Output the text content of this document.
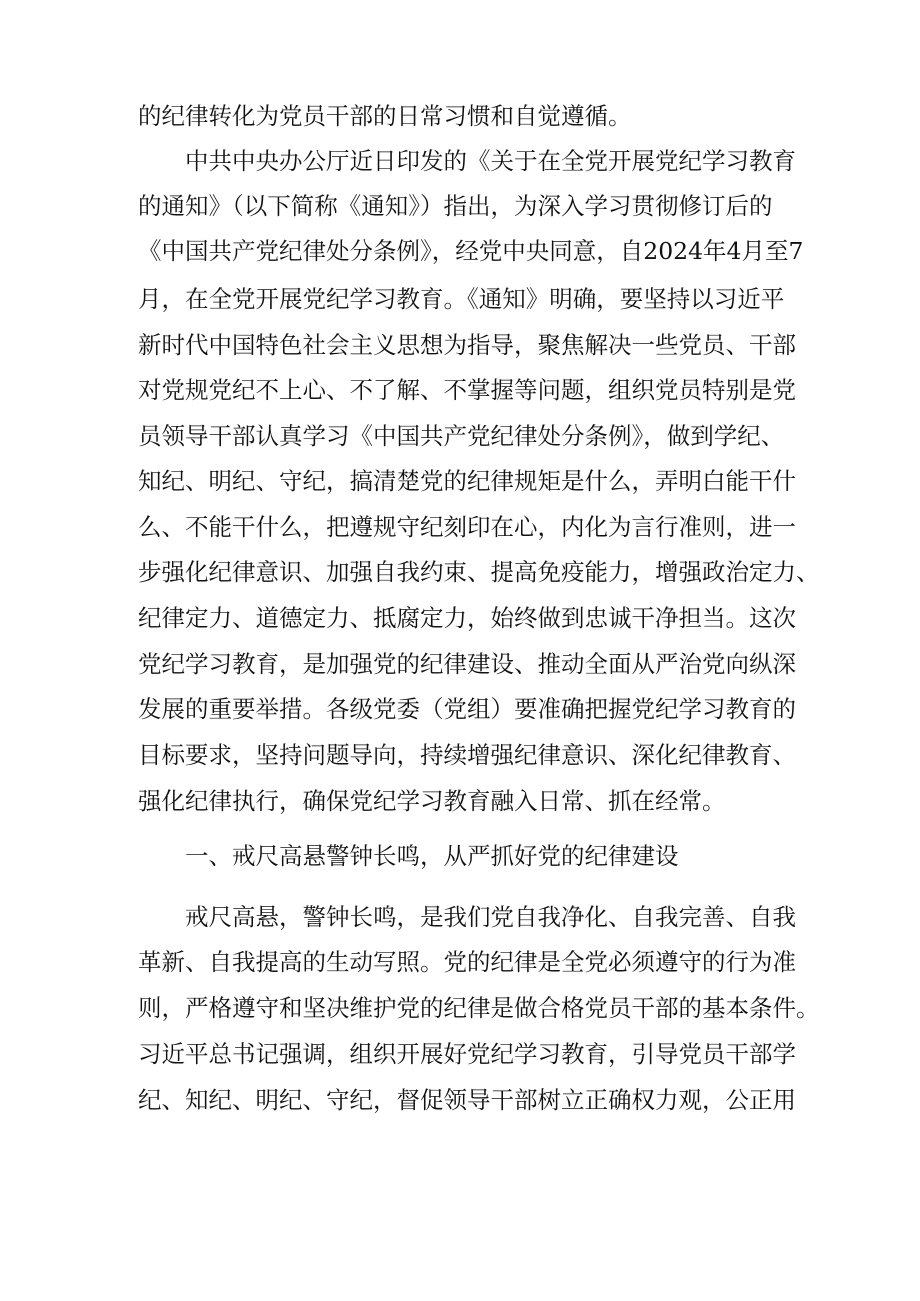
的纪律转化为党员干部的日常习惯和自觉遵循。
中共中央办公厅近日印发的《关于在全党开展党纪学习教育
的通知》（以下简称《通知》）指出，为深入学习贯彻修订后的
《中国共产党纪律处分条例》，经党中央同意，自2024年4月至7
月，在全党开展党纪学习教育。《通知》明确，要坚持以习近平
新时代中国特色社会主义思想为指导，聚焦解决一些党员、干部
对党规党纪不上心、不了解、不掌握等问题，组织党员特别是党
员领导干部认真学习《中国共产党纪律处分条例》，做到学纪、
知纪、明纪、守纪，搞清楚党的纪律规矩是什么，弄明白能干什
么、不能干什么，把遵规守纪刻印在心，内化为言行准则，进一
步强化纪律意识、加强自我约束、提高免疫能力，增强政治定力、
纪律定力、道德定力、抵腐定力，始终做到忠诚干净担当。这次
党纪学习教育，是加强党的纪律建设、推动全面从严治党向纵深
发展的重要举措。各级党委（党组）要准确把握党纪学习教育的
目标要求，坚持问题导向，持续增强纪律意识、深化纪律教育、
强化纪律执行，确保党纪学习教育融入日常、抓在经常。
一、戒尺高悬警钟长鸣，从严抓好党的纪律建设
戒尺高悬，警钟长鸣，是我们党自我净化、自我完善、自我
革新、自我提高的生动写照。党的纪律是全党必须遵守的行为准
则，严格遵守和坚决维护党的纪律是做合格党员干部的基本条件。
习近平总书记强调，组织开展好党纪学习教育，引导党员干部学
纪、知纪、明纪、守纪，督促领导干部树立正确权力观，公正用
